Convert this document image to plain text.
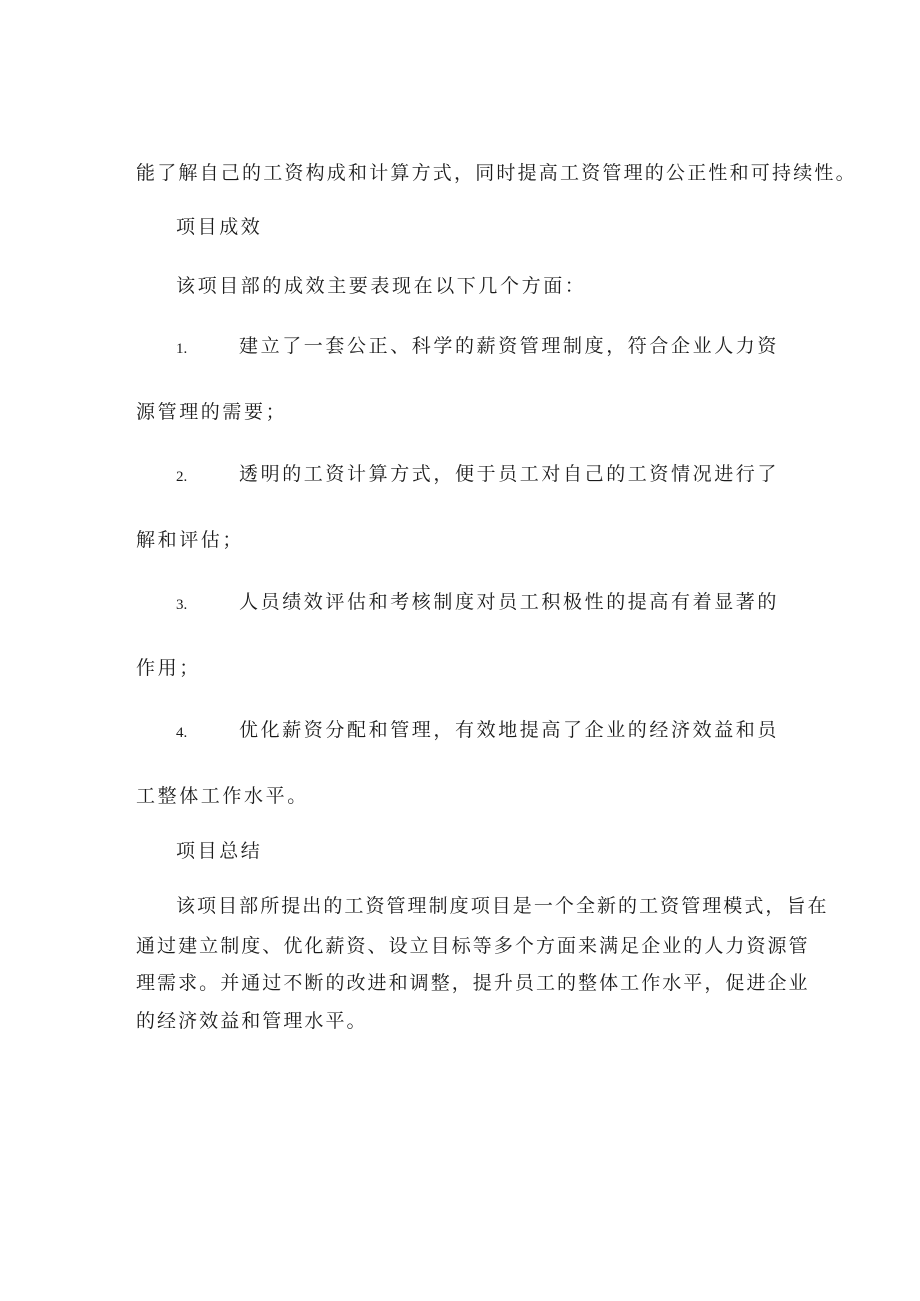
能了解自己的工资构成和计算方式，同时提高工资管理的公正性和可持续性。
项目成效
该项目部的成效主要表现在以下几个方面：
1.	建立了一套公正、科学的薪资管理制度，符合企业人力资
源管理的需要；
2.	透明的工资计算方式，便于员工对自己的工资情况进行了
解和评估；
3.	人员绩效评估和考核制度对员工积极性的提高有着显著的
作用；
4.	优化薪资分配和管理，有效地提高了企业的经济效益和员
工整体工作水平。
项目总结
该项目部所提出的工资管理制度项目是一个全新的工资管理模式，旨在
通过建立制度、优化薪资、设立目标等多个方面来满足企业的人力资源管
理需求。并通过不断的改进和调整，提升员工的整体工作水平，促进企业
的经济效益和管理水平。
